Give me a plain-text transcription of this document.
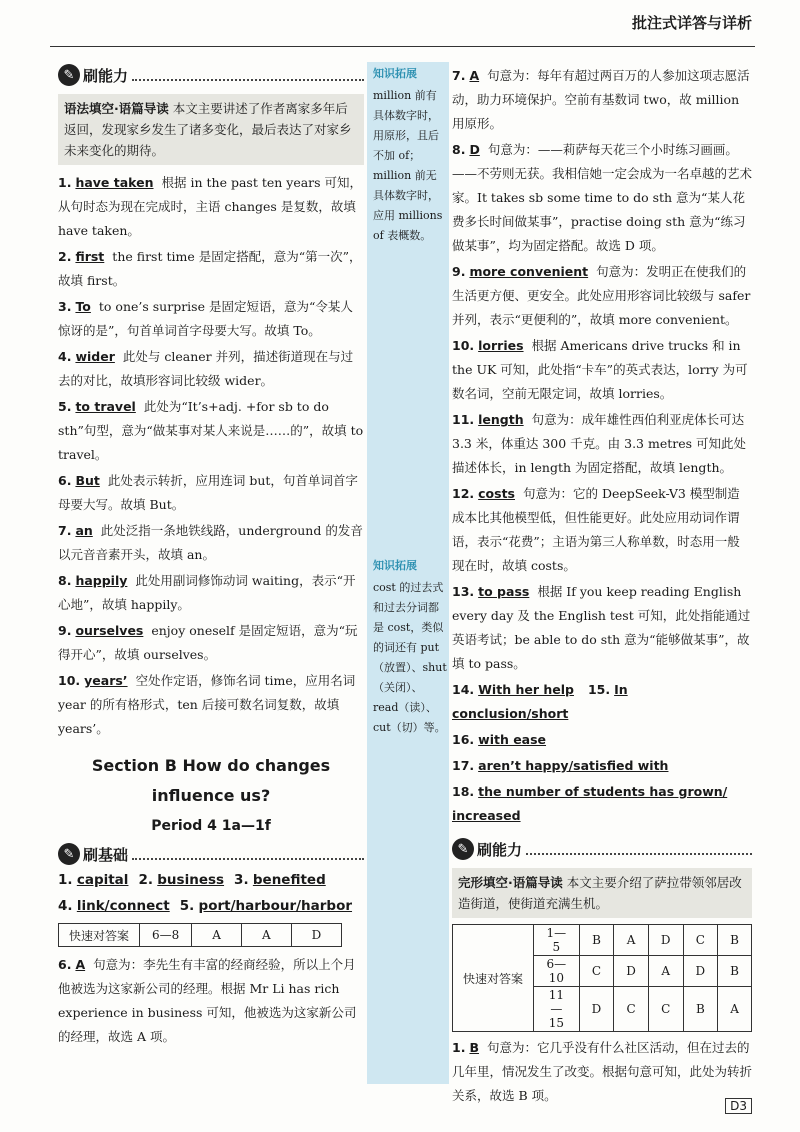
批注式详答与详析
✎ 刷能力
语法填空·语篇导读 本文主要讲述了作者离家多年后返回，发现家乡发生了诸多变化，最后表达了对家乡未来变化的期待。
1. have taken 根据 in the past ten years 可知，从句时态为现在完成时，主语 changes 是复数，故填 have taken。
2. first the first time 是固定搭配，意为“第一次”，故填 first。
3. To to one’s surprise 是固定短语，意为“令某人惊讶的是”，句首单词首字母要大写。故填 To。
4. wider 此处与 cleaner 并列，描述街道现在与过去的对比，故填形容词比较级 wider。
5. to travel 此处为“It’s+adj. +for sb to do sth”句型，意为“做某事对某人来说是……的”，故填 to travel。
6. But 此处表示转折，应用连词 but，句首单词首字母要大写。故填 But。
7. an 此处泛指一条地铁线路，underground 的发音以元音音素开头，故填 an。
8. happily 此处用副词修饰动词 waiting，表示“开心地”，故填 happily。
9. ourselves enjoy oneself 是固定短语，意为“玩得开心”，故填 ourselves。
10. years’ 空处作定语，修饰名词 time，应用名词 year 的所有格形式，ten 后接可数名词复数，故填 years’。
Section B How do changes
influence us?
Period 4 1a—1f
✎ 刷基础
1. capital 2. business 3. benefited
4. link/connect 5. port/harbour/harbor
快速对答案	6—8	A	A	D
6. A 句意为：李先生有丰富的经商经验，所以上个月他被选为这家新公司的经理。根据 Mr Li has rich experience in business 可知，他被选为这家新公司的经理，故选 A 项。
知识拓展
million 前有具体数字时，用原形，且后不加 of；million 前无具体数字时，应用 millions of 表概数。
知识拓展
cost 的过去式和过去分词都是 cost，类似的词还有 put（放置）、shut（关闭）、read（读）、cut（切）等。
7. A 句意为：每年有超过两百万的人参加这项志愿活动，助力环境保护。空前有基数词 two，故 million 用原形。
8. D 句意为：——莉萨每天花三个小时练习画画。——不劳则无获。我相信她一定会成为一名卓越的艺术家。It takes sb some time to do sth 意为“某人花费多长时间做某事”，practise doing sth 意为“练习做某事”，均为固定搭配。故选 D 项。
9. more convenient 句意为：发明正在使我们的生活更方便、更安全。此处应用形容词比较级与 safer 并列，表示“更便利的”，故填 more convenient。
10. lorries 根据 Americans drive trucks 和 in the UK 可知，此处指“卡车”的英式表达，lorry 为可数名词，空前无限定词，故填 lorries。
11. length 句意为：成年雄性西伯利亚虎体长可达 3.3 米，体重达 300 千克。由 3.3 metres 可知此处描述体长，in length 为固定搭配，故填 length。
12. costs 句意为：它的 DeepSeek-V3 模型制造成本比其他模型低，但性能更好。此处应用动词作谓语，表示“花费”；主语为第三人称单数，时态用一般现在时，故填 costs。
13. to pass 根据 If you keep reading English every day 及 the English test 可知，此处指能通过英语考试；be able to do sth 意为“能够做某事”，故填 to pass。
14. With her help 15. In conclusion/short
16. with ease
17. aren’t happy/satisfied with
18. the number of students has grown/ increased
✎ 刷能力
完形填空·语篇导读 本文主要介绍了萨拉带领邻居改造街道，使街道充满生机。
快速对答案	1—5	B	A	D	C	B
	6—10	C	D	A	D	B
	11—15	D	C	C	B	A
1. B 句意为：它几乎没有什么社区活动，但在过去的几年里，情况发生了改变。根据句意可知，此处为转折关系，故选 B 项。
D3
